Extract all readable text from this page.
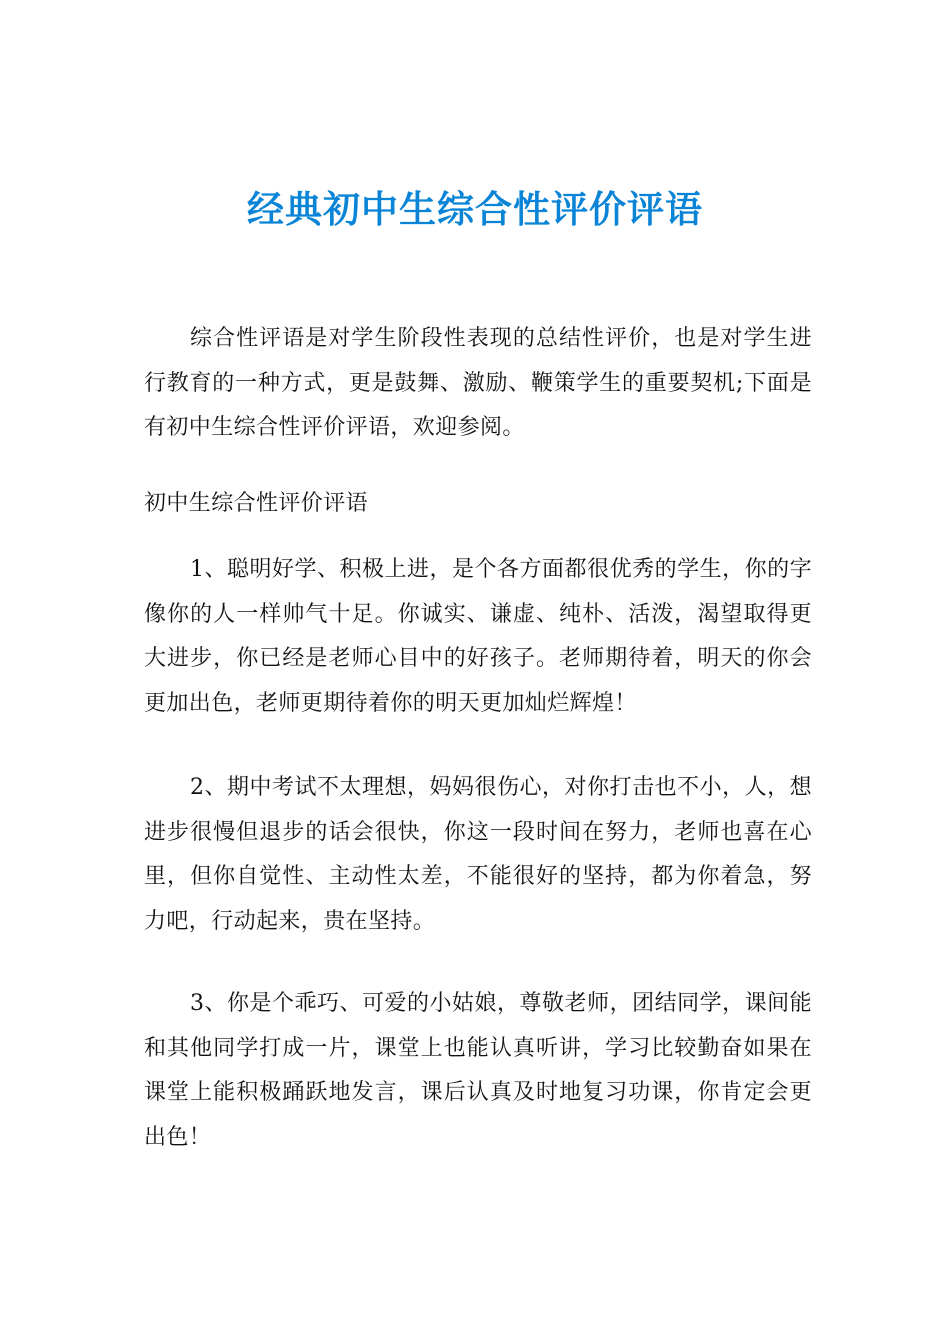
经典初中生综合性评价评语

综合性评语是对学生阶段性表现的总结性评价，也是对学生进行教育的一种方式，更是鼓舞、激励、鞭策学生的重要契机;下面是有初中生综合性评价评语，欢迎参阅。

初中生综合性评价评语

1、聪明好学、积极上进，是个各方面都很优秀的学生，你的字像你的人一样帅气十足。你诚实、谦虚、纯朴、活泼，渴望取得更大进步，你已经是老师心目中的好孩子。老师期待着，明天的你会更加出色，老师更期待着你的明天更加灿烂辉煌！

2、期中考试不太理想，妈妈很伤心，对你打击也不小，人，想进步很慢但退步的话会很快，你这一段时间在努力，老师也喜在心里，但你自觉性、主动性太差，不能很好的坚持，都为你着急，努力吧，行动起来，贵在坚持。

3、你是个乖巧、可爱的小姑娘，尊敬老师，团结同学，课间能和其他同学打成一片，课堂上也能认真听讲，学习比较勤奋如果在课堂上能积极踊跃地发言，课后认真及时地复习功课，你肯定会更出色！
